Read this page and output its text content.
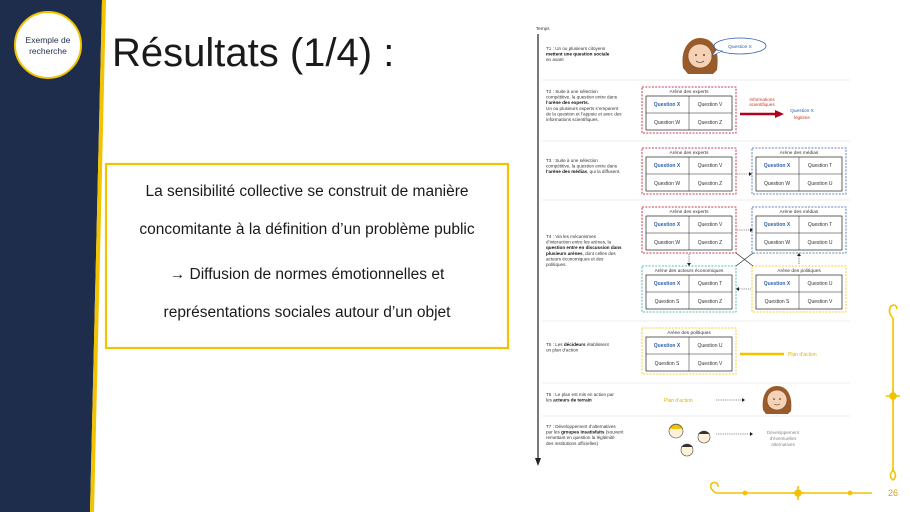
Exemple de
recherche Résultats (1/4) :
La sensibilité collective se construit de manière
concomitante à la définition d’un problème public
→ Diffusion de normes émotionnelles et
représentations sociales autour d’un objet
Temps
T1 : Un ou plusieurs citoyens mettent une question sociale en avant
T2 : Suite à une sélection compétitive, la question entre dans l’arène des experts. Un ou plusieurs experts s’emparent de la question et l’appuie et avec des informations scientifiques.
T3 : Suite à une sélection compétitive, la question entre dans l’arène des médias, qui la diffusent.
T4 : Via les mécanismes d’interaction entre les arènes, la question entre en discussion dans plusieurs arènes, dont celles des acteurs économiques et des politiques.
T5 : Les décideurs établissent un plan d’action
T6 : Le plan est mis en action par les acteurs de terrain
T7 : Développement d’alternatives par les groupes insatisfaits (souvent remettant en question la légitimité des institutions officielles)
Question X
Arène des experts
Question X	Question V
Question W	Question Z
Informations
scientifiques
Question X
légitime
Arène des experts
Question X	Question V
Question W	Question Z
Arène des médias
Question X	Question T
Question W	Question U
Arène des experts
Question X	Question V
Question W	Question Z
Arène des médias
Question X	Question T
Question W	Question U
Arène des acteurs économiques
Question X	Question T
Question S	Question Z
Arène des politiques
Question X	Question U
Question S	Question V
Arène des politiques
Question X	Question U
Question S	Question V
Plan d’action
Plan d’action
Développement
d’éventuelles
alternatives
26
